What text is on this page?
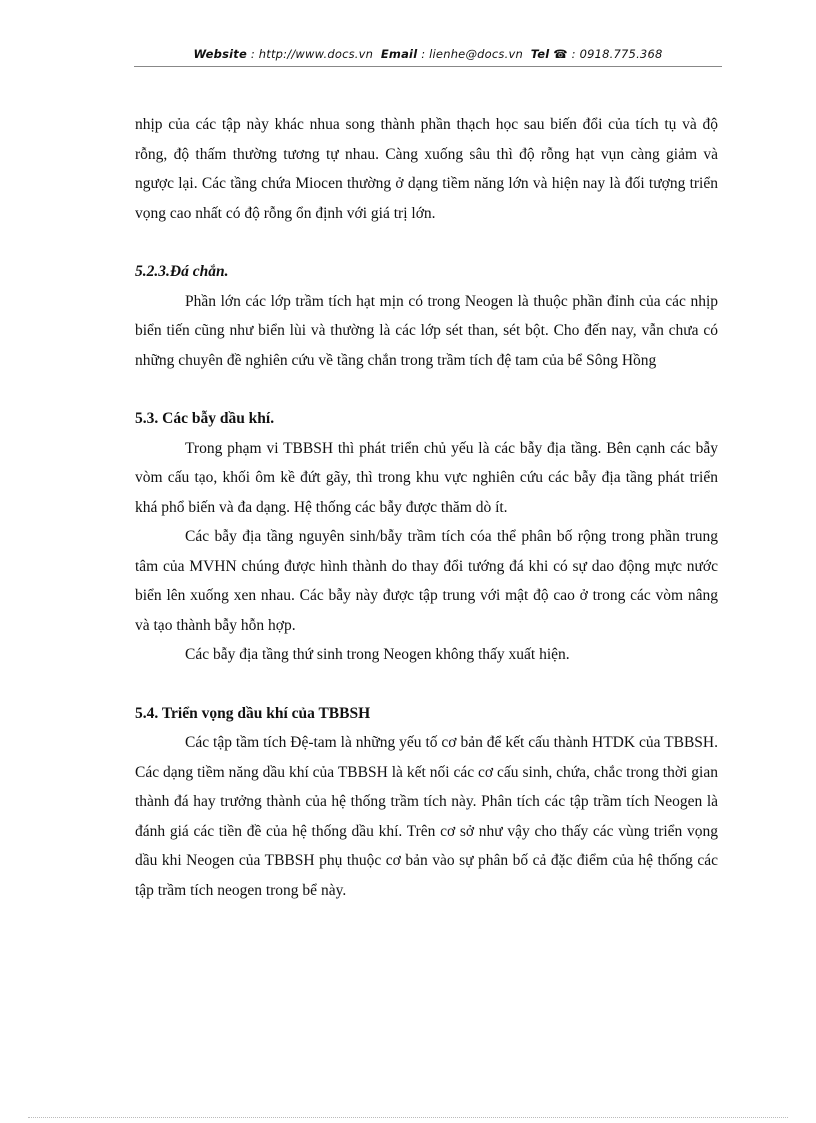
Website : http://www.docs.vn Email : lienhe@docs.vn Tel ☎ : 0918.775.368

nhịp của các tập này khác nhua song thành phần thạch học sau biến đổi của tích tụ và độ rỗng, độ thấm thường tương tự nhau. Càng xuống sâu thì độ rỗng hạt vụn càng giảm và ngược lại. Các tầng chứa Miocen thường ở dạng tiềm năng lớn và hiện nay là đối tượng triển vọng cao nhất có độ rỗng ổn định với giá trị lớn.

5.2.3.Đá chắn.

Phần lớn các lớp trầm tích hạt mịn có trong Neogen là thuộc phần đỉnh của các nhịp biển tiến cũng như biển lùi và thường là các lớp sét than, sét bột. Cho đến nay, vẫn chưa có những chuyên đề nghiên cứu về tầng chắn trong trầm tích đệ tam của bể Sông Hồng

5.3. Các bẫy dầu khí.

Trong phạm vi TBBSH thì phát triển chủ yếu là các bẫy địa tầng. Bên cạnh các bẫy vòm cấu tạo, khối ôm kề đứt gãy, thì trong khu vực nghiên cứu các bẫy địa tầng phát triển khá phổ biến và đa dạng. Hệ thống các bẫy được thăm dò ít.

Các bẫy địa tầng nguyên sinh/bẫy trầm tích cóa thể phân bố rộng trong phần trung tâm của MVHN chúng được hình thành do thay đổi tướng đá khi có sự dao động mực nước biển lên xuống xen nhau. Các bẫy này được tập trung với mật độ cao ở trong các vòm nâng và tạo thành bẫy hỗn hợp.

Các bẫy địa tầng thứ sinh trong Neogen không thấy xuất hiện.

5.4. Triển vọng dầu khí của TBBSH

Các tập tầm tích Đệ-tam là những yếu tố cơ bản để kết cấu thành HTDK của TBBSH. Các dạng tiềm năng dầu khí của TBBSH là kết nối các cơ cấu sinh, chứa, chắc trong thời gian thành đá hay trưởng thành của hệ thống trầm tích này. Phân tích các tập trầm tích Neogen là đánh giá các tiền đề của hệ thống dầu khí. Trên cơ sở như vậy cho thấy các vùng triển vọng dầu khi Neogen của TBBSH phụ thuộc cơ bản vào sự phân bố cả đặc điểm của hệ thống các tập trầm tích neogen trong bể này.
